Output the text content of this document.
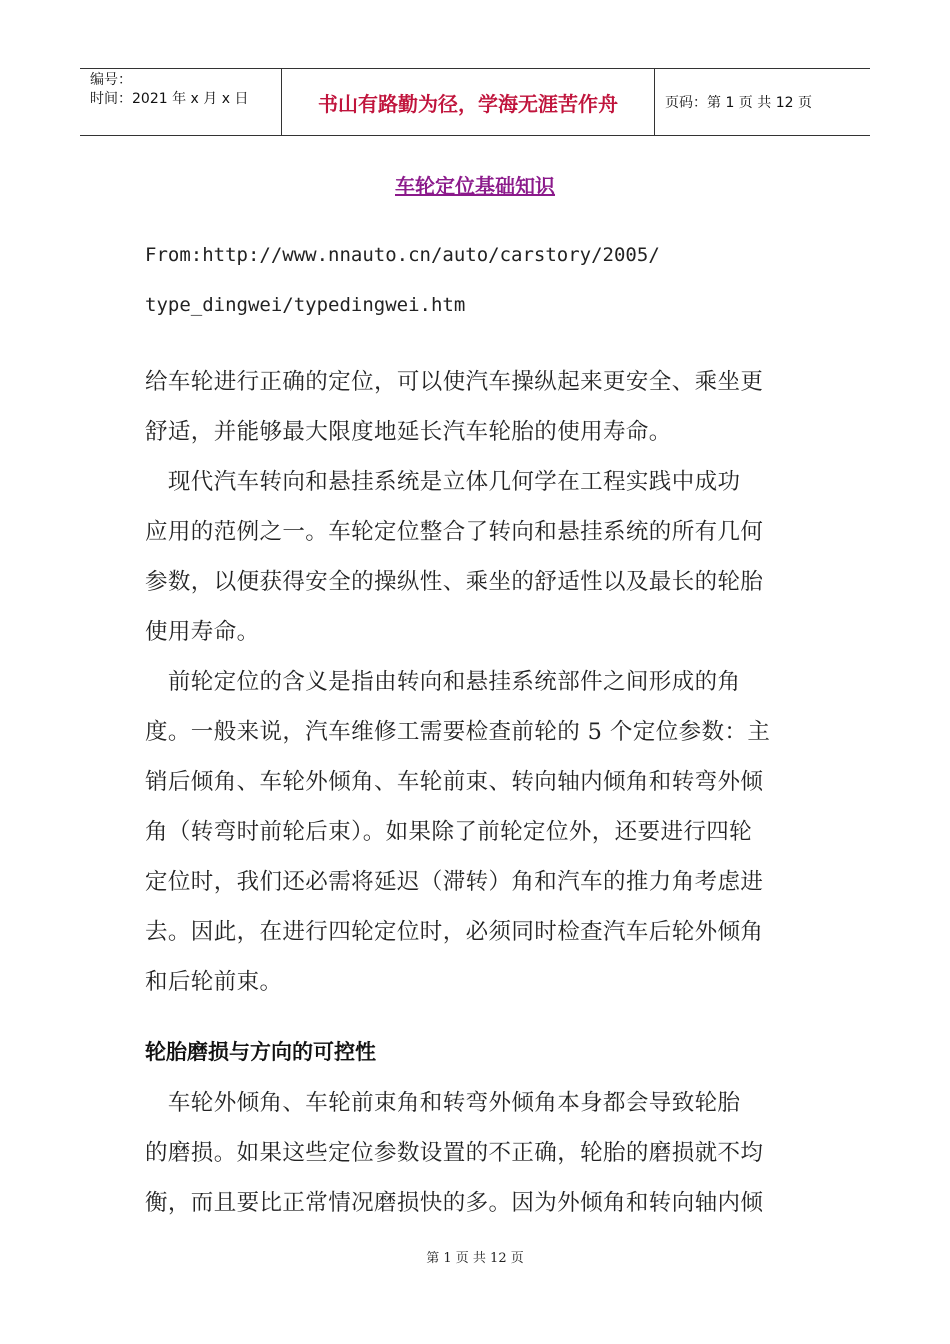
编号：
时间：2021 年 x 月 x 日	书山有路勤为径，学海无涯苦作舟	页码：第 1 页 共 12 页
车轮定位基础知识
From:http://www.nnauto.cn/auto/carstory/2005/
type_dingwei/typedingwei.htm
给车轮进行正确的定位，可以使汽车操纵起来更安全、乘坐更
舒适，并能够最大限度地延长汽车轮胎的使用寿命。
　现代汽车转向和悬挂系统是立体几何学在工程实践中成功
应用的范例之一。车轮定位整合了转向和悬挂系统的所有几何
参数，以便获得安全的操纵性、乘坐的舒适性以及最长的轮胎
使用寿命。
　前轮定位的含义是指由转向和悬挂系统部件之间形成的角
度。一般来说，汽车维修工需要检查前轮的 5 个定位参数：主
销后倾角、车轮外倾角、车轮前束、转向轴内倾角和转弯外倾
角（转弯时前轮后束）。如果除了前轮定位外，还要进行四轮
定位时，我们还必需将延迟（滞转）角和汽车的推力角考虑进
去。因此，在进行四轮定位时，必须同时检查汽车后轮外倾角
和后轮前束。
轮胎磨损与方向的可控性
　车轮外倾角、车轮前束角和转弯外倾角本身都会导致轮胎
的磨损。如果这些定位参数设置的不正确，轮胎的磨损就不均
衡，而且要比正常情况磨损快的多。因为外倾角和转向轴内倾
第 1 页 共 12 页
